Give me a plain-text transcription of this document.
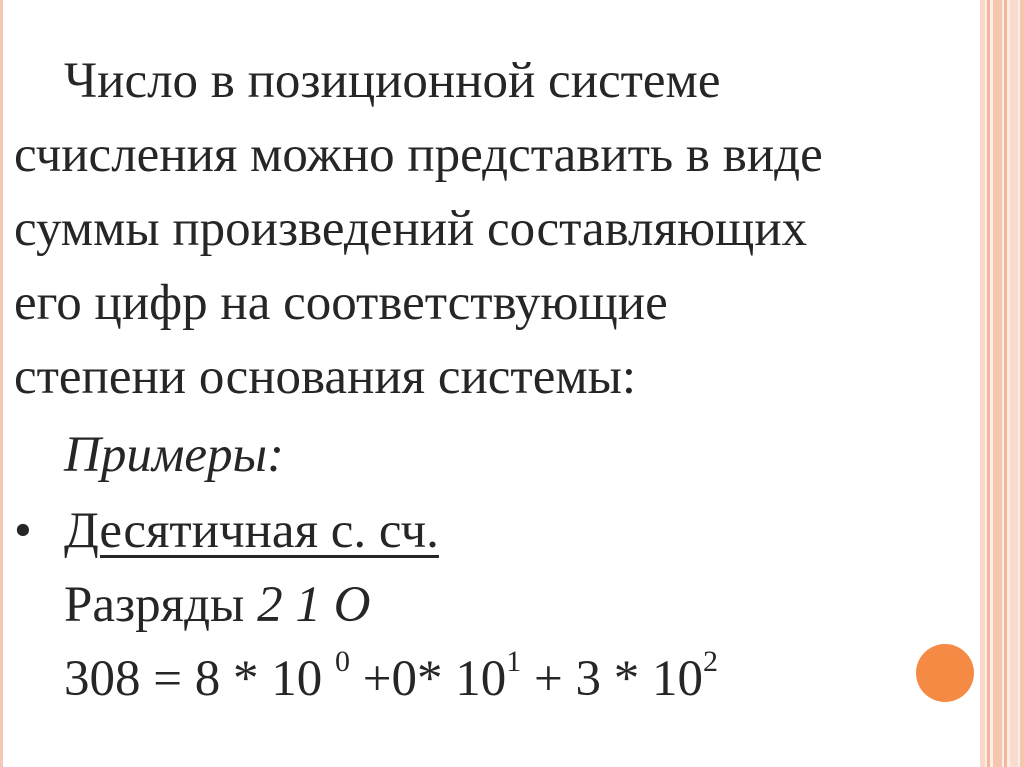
Число в позиционной системе
счисления можно представить в виде
суммы произведений составляющих
его цифр на соответствующие
степени основания системы:

Примеры:

• Десятичная с. сч.
Разряды 2 1 О
308 = 8 * 10 $^0$ +0* $10^1 + 3 * 10^2$
